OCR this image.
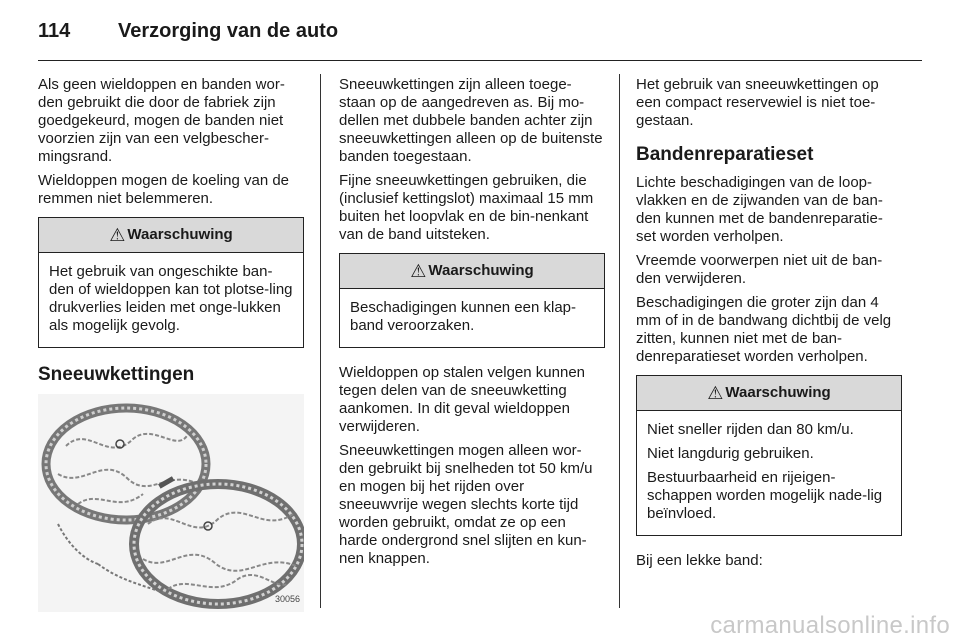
114	Verzorging van de auto

Als geen wieldoppen en banden wor-den gebruikt die door de fabriek zijn goedgekeurd, mogen de banden niet voorzien zijn van een velgbescher-mingsrand.

Wieldoppen mogen de koeling van de remmen niet belemmeren.

⚠ Waarschuwing

Het gebruik van ongeschikte ban-den of wieldoppen kan tot plotse-ling drukverlies leiden met onge-lukken als mogelijk gevolg.

Sneeuwkettingen
30056

Sneeuwkettingen zijn alleen toege-staan op de aangedreven as. Bij mo-dellen met dubbele banden achter zijn sneeuwkettingen alleen op de buitenste banden toegestaan.

Fijne sneeuwkettingen gebruiken, die (inclusief kettingslot) maximaal 15 mm buiten het loopvlak en de bin-nenkant van de band uitsteken.

⚠ Waarschuwing

Beschadigingen kunnen een klap-band veroorzaken.

Wieldoppen op stalen velgen kunnen tegen delen van de sneeuwketting aankomen. In dit geval wieldoppen verwijderen.

Sneeuwkettingen mogen alleen wor-den gebruikt bij snelheden tot 50 km/u en mogen bij het rijden over sneeuwvrije wegen slechts korte tijd worden gebruikt, omdat ze op een harde ondergrond snel slijten en kun-nen knappen.

Het gebruik van sneeuwkettingen op een compact reservewiel is niet toe-gestaan.

Bandenreparatieset

Lichte beschadigingen van de loop-vlakken en de zijwanden van de ban-den kunnen met de bandenreparatie-set worden verholpen.

Vreemde voorwerpen niet uit de ban-den verwijderen.

Beschadigingen die groter zijn dan 4 mm of in de bandwang dichtbij de velg zitten, kunnen niet met de ban-denreparatieset worden verholpen.

⚠ Waarschuwing

Niet sneller rijden dan 80 km/u.

Niet langdurig gebruiken.

Bestuurbaarheid en rijeigen-schappen worden mogelijk nade-lig beïnvloed.

Bij een lekke band:

carmanualsonline.info
